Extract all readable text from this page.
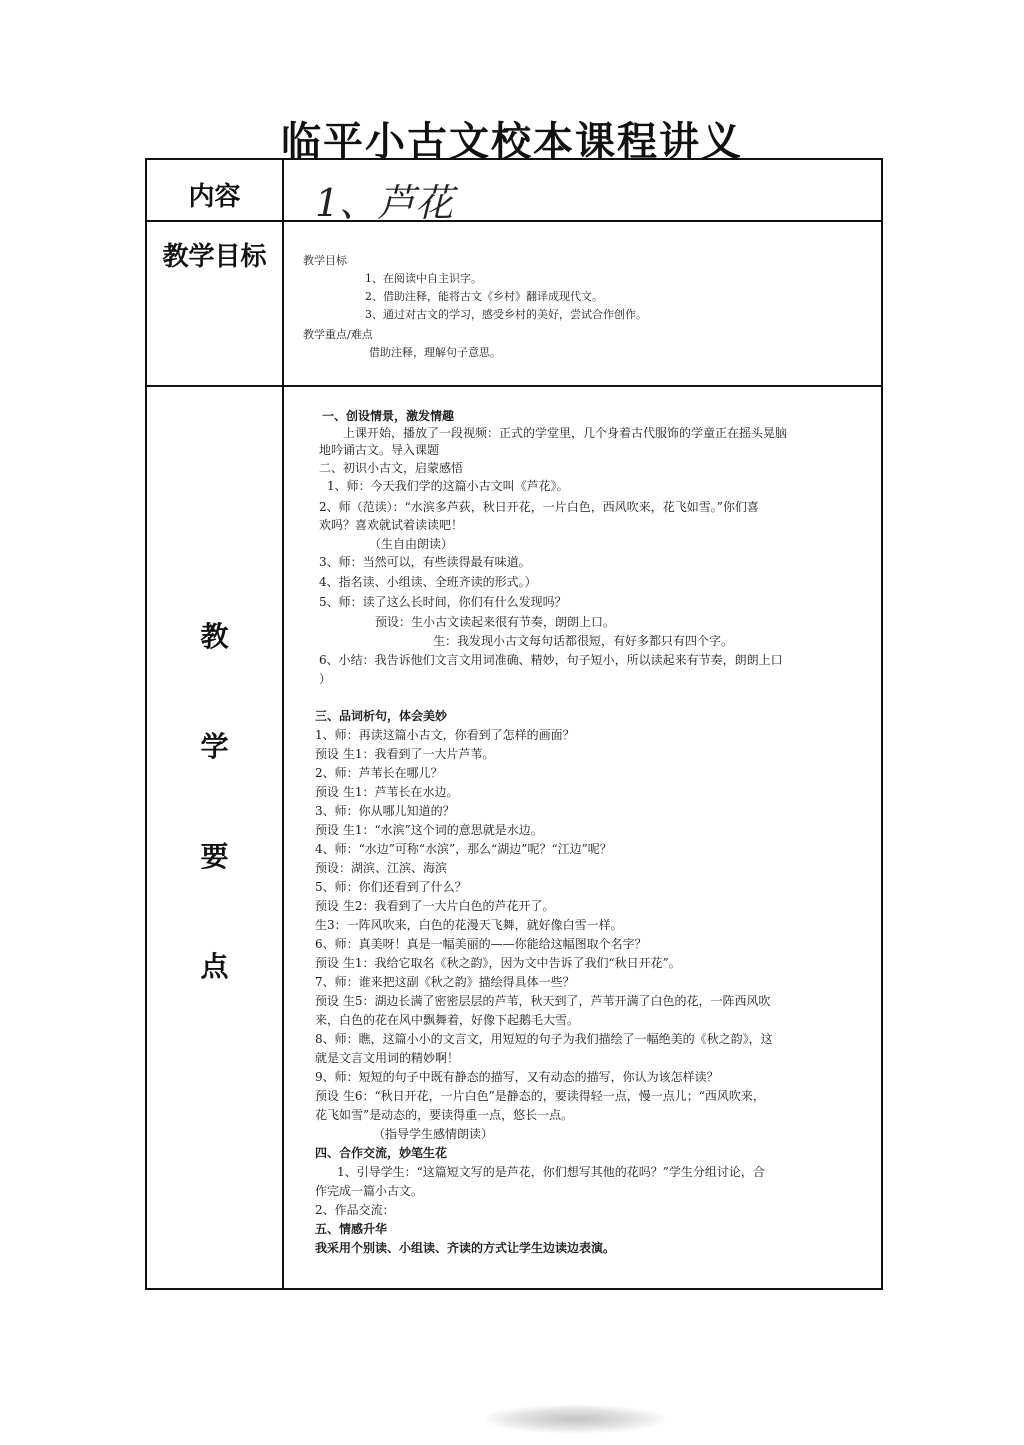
临平小古文校本课程讲义
内容	1、芦花
教学目标
教
学
要
点
教学目标
1、在阅读中自主识字。
2、借助注释，能将古文《乡村》翻译成现代文。
3、通过对古文的学习，感受乡村的美好，尝试合作创作。
教学重点/难点
借助注释，理解句子意思。
一、创设情景，激发情趣
上课开始，播放了一段视频：正式的学堂里，几个身着古代服饰的学童正在摇头晃脑
地吟诵古文。导入课题
二、初识小古文，启蒙感悟
1、师：今天我们学的这篇小古文叫《芦花》。
2、师（范读）：“水滨多芦荻，秋日开花，一片白色，西风吹来，花飞如雪。”你们喜
欢吗？喜欢就试着读读吧！
（生自由朗读）
3、师：当然可以，有些读得最有味道。
4、指名读、小组读、全班齐读的形式。）
5、师：读了这么长时间，你们有什么发现吗？
预设：生小古文读起来很有节奏，朗朗上口。
生：我发现小古文每句话都很短，有好多都只有四个字。
6、小结：我告诉他们文言文用词准确、精妙，句子短小，所以读起来有节奏，朗朗上口
）
三、品词析句，体会美妙
1、师：再读这篇小古文，你看到了怎样的画面？
预设 生1：我看到了一大片芦苇。
2、师：芦苇长在哪儿？
预设 生1：芦苇长在水边。
3、师：你从哪儿知道的？
预设 生1：“水滨”这个词的意思就是水边。
4、师：“水边”可称“水滨”，那么“湖边”呢？“江边”呢？
预设：湖滨、江滨、海滨
5、师：你们还看到了什么？
预设 生2：我看到了一大片白色的芦花开了。
生3：一阵风吹来，白色的花漫天飞舞，就好像白雪一样。
6、师：真美呀！真是一幅美丽的——你能给这幅图取个名字？
预设 生1：我给它取名《秋之韵》，因为文中告诉了我们“秋日开花”。
7、师：谁来把这副《秋之韵》描绘得具体一些？
预设 生5：湖边长满了密密层层的芦苇，秋天到了，芦苇开满了白色的花，一阵西风吹
来，白色的花在风中飘舞着，好像下起鹅毛大雪。
8、师：瞧，这篇小小的文言文，用短短的句子为我们描绘了一幅绝美的《秋之韵》，这
就是文言文用词的精妙啊！
9、师：短短的句子中既有静态的描写，又有动态的描写，你认为该怎样读？
预设 生6：“秋日开花，一片白色”是静态的，要读得轻一点，慢一点儿；“西风吹来，
花飞如雪”是动态的，要读得重一点，悠长一点。
（指导学生感情朗读）
四、合作交流，妙笔生花
1、引导学生：“这篇短文写的是芦花，你们想写其他的花吗？”学生分组讨论，合
作完成一篇小古文。
2、作品交流：
五、情感升华
我采用个别读、小组读、齐读的方式让学生边读边表演。
